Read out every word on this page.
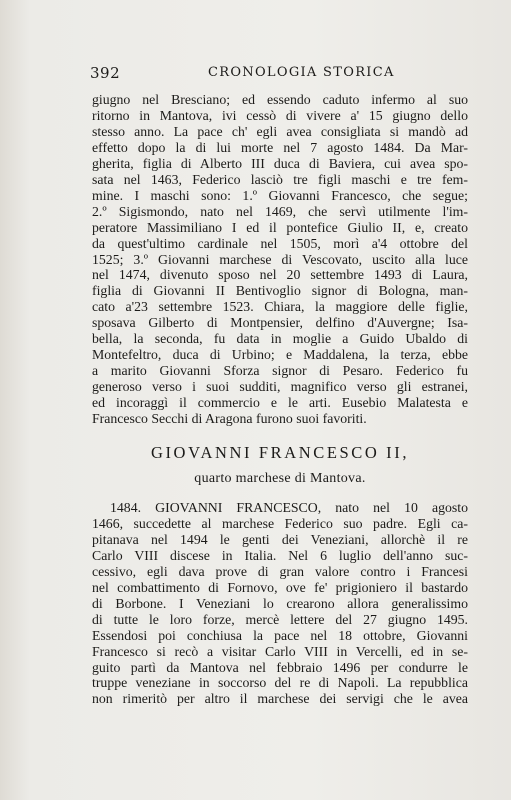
392	CRONOLOGIA STORICA
giugno nel Bresciano; ed essendo caduto infermo al suo
ritorno in Mantova, ivi cessò di vivere a' 15 giugno dello
stesso anno. La pace ch' egli avea consigliata si mandò ad
effetto dopo la di lui morte nel 7 agosto 1484. Da Mar-
gherita, figlia di Alberto III duca di Baviera, cui avea spo-
sata nel 1463, Federico lasciò tre figli maschi e tre fem-
mine. I maschi sono: 1.º Giovanni Francesco, che segue;
2.º Sigismondo, nato nel 1469, che servì utilmente l'im-
peratore Massimiliano I ed il pontefice Giulio II, e, creato
da quest'ultimo cardinale nel 1505, morì a'4 ottobre del
1525; 3.º Giovanni marchese di Vescovato, uscito alla luce
nel 1474, divenuto sposo nel 20 settembre 1493 di Laura,
figlia di Giovanni II Bentivoglio signor di Bologna, man-
cato a'23 settembre 1523. Chiara, la maggiore delle figlie,
sposava Gilberto di Montpensier, delfino d'Auvergne; Isa-
bella, la seconda, fu data in moglie a Guido Ubaldo di
Montefeltro, duca di Urbino; e Maddalena, la terza, ebbe
a marito Giovanni Sforza signor di Pesaro. Federico fu
generoso verso i suoi sudditi, magnifico verso gli estranei,
ed incoraggì il commercio e le arti. Eusebio Malatesta e
Francesco Secchi di Aragona furono suoi favoriti.
GIOVANNI FRANCESCO II,
quarto marchese di Mantova.
1484. GIOVANNI FRANCESCO, nato nel 10 agosto
1466, succedette al marchese Federico suo padre. Egli ca-
pitanava nel 1494 le genti dei Veneziani, allorchè il re
Carlo VIII discese in Italia. Nel 6 luglio dell'anno suc-
cessivo, egli dava prove di gran valore contro i Francesi
nel combattimento di Fornovo, ove fe' prigioniero il bastardo
di Borbone. I Veneziani lo crearono allora generalissimo
di tutte le loro forze, mercè lettere del 27 giugno 1495.
Essendosi poi conchiusa la pace nel 18 ottobre, Giovanni
Francesco si recò a visitar Carlo VIII in Vercelli, ed in se-
guito partì da Mantova nel febbraio 1496 per condurre le
truppe veneziane in soccorso del re di Napoli. La repubblica
non rimeritò per altro il marchese dei servigi che le avea
